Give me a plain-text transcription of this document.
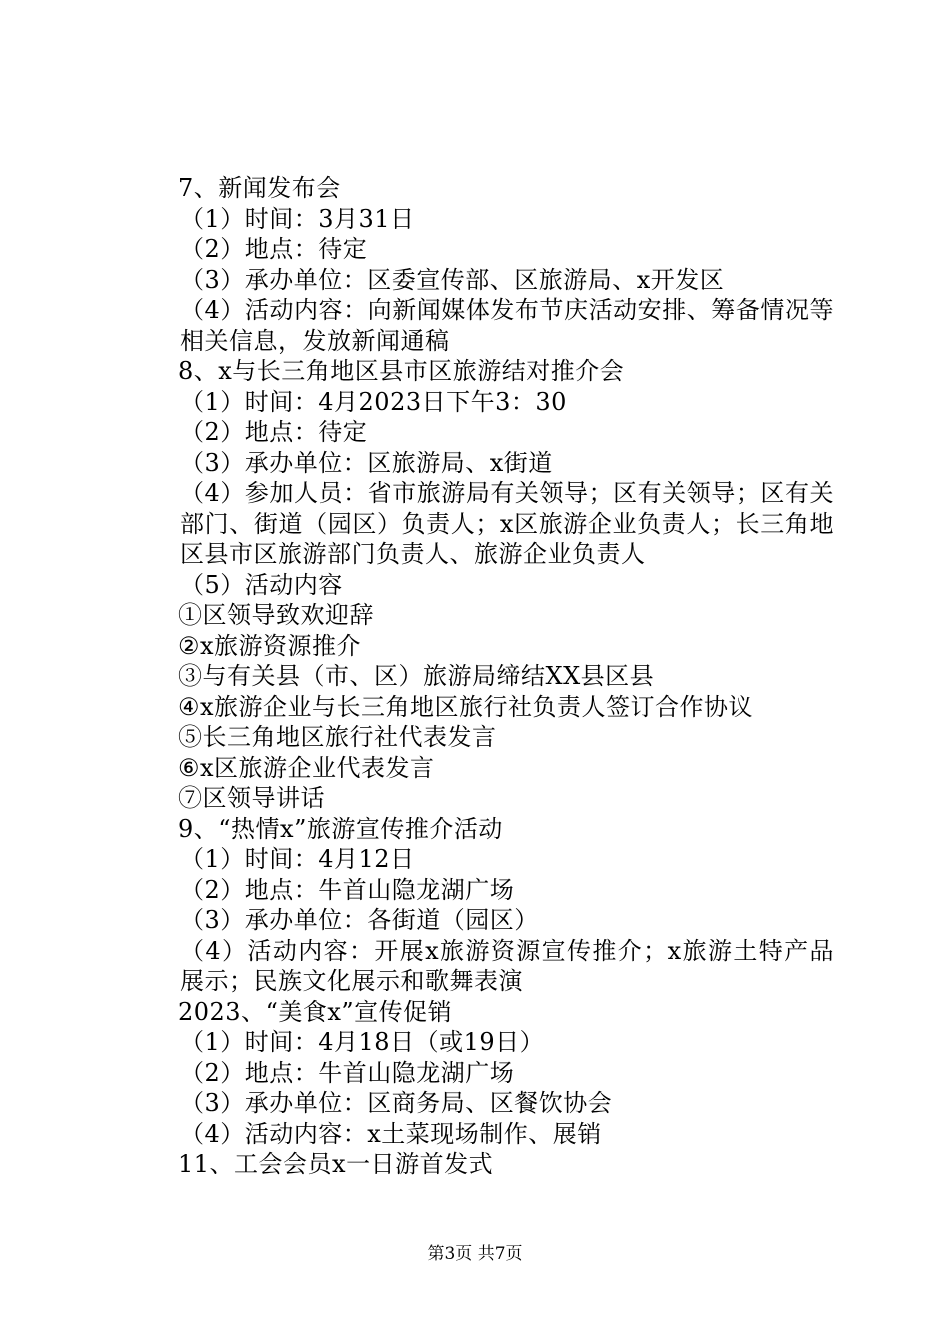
7、新闻发布会
（1）时间：3月31日
（2）地点：待定
（3）承办单位：区委宣传部、区旅游局、x开发区
（4）活动内容：向新闻媒体发布节庆活动安排、筹备情况等相关信息，发放新闻通稿
8、x与长三角地区县市区旅游结对推介会
（1）时间：4月2023日下午3：30
（2）地点：待定
（3）承办单位：区旅游局、x街道
（4）参加人员：省市旅游局有关领导；区有关领导；区有关部门、街道（园区）负责人；x区旅游企业负责人；长三角地区县市区旅游部门负责人、旅游企业负责人
（5）活动内容
①区领导致欢迎辞
②x旅游资源推介
③与有关县（市、区）旅游局缔结XX县区县
④x旅游企业与长三角地区旅行社负责人签订合作协议
⑤长三角地区旅行社代表发言
⑥x区旅游企业代表发言
⑦区领导讲话
9、“热情x”旅游宣传推介活动
（1）时间：4月12日
（2）地点：牛首山隐龙湖广场
（3）承办单位：各街道（园区）
（4）活动内容：开展x旅游资源宣传推介；x旅游土特产品展示；民族文化展示和歌舞表演
2023、“美食x”宣传促销
（1）时间：4月18日（或19日）
（2）地点：牛首山隐龙湖广场
（3）承办单位：区商务局、区餐饮协会
（4）活动内容：x土菜现场制作、展销
11、工会会员x一日游首发式
第3页 共7页
